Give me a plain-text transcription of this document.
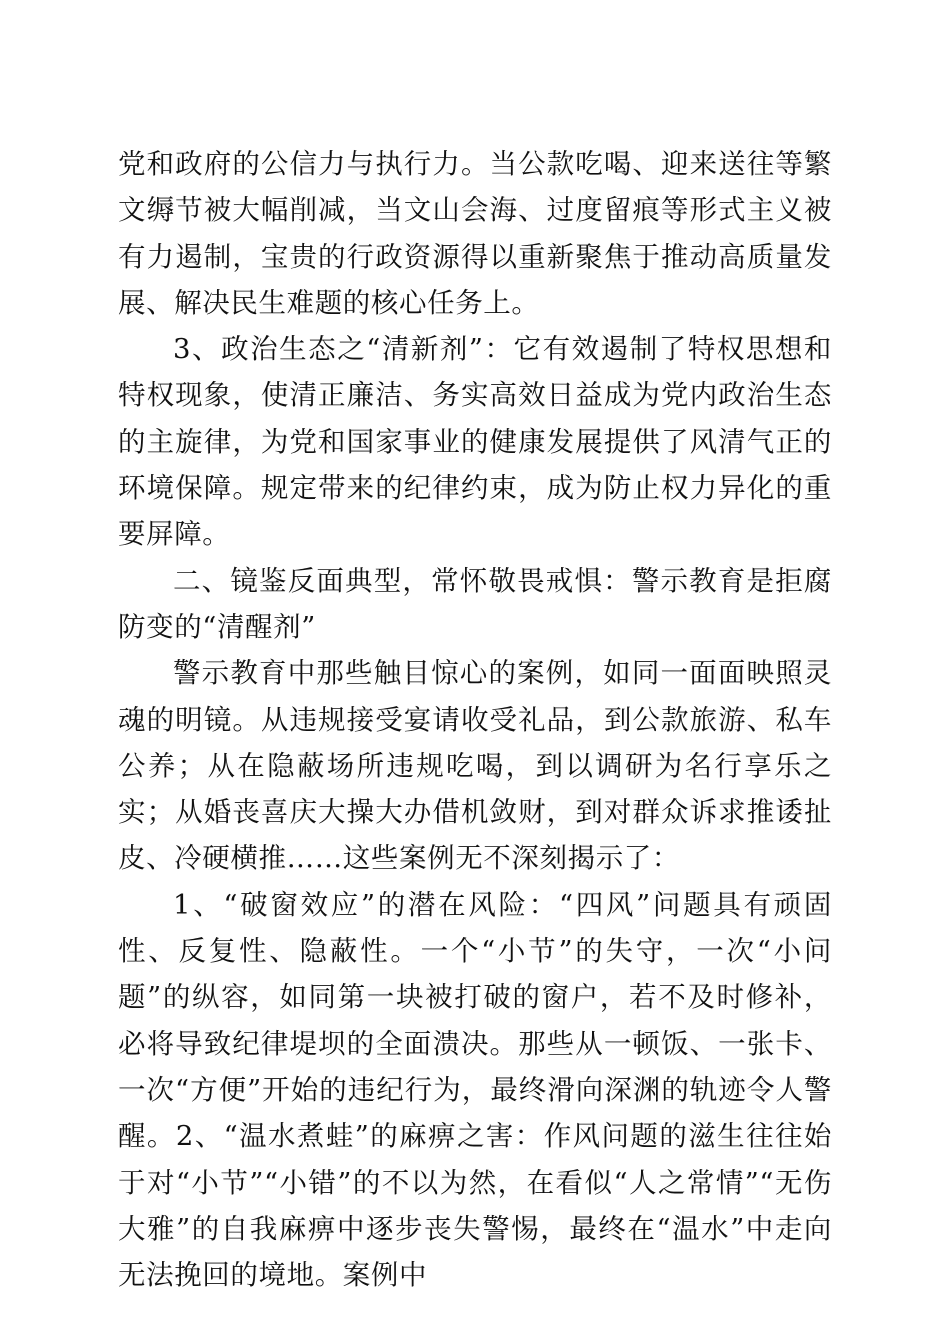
党和政府的公信力与执行力。当公款吃喝、迎来送往等繁文缛节被大幅削减，当文山会海、过度留痕等形式主义被有力遏制，宝贵的行政资源得以重新聚焦于推动高质量发展、解决民生难题的核心任务上。

3、政治生态之“清新剂”：它有效遏制了特权思想和特权现象，使清正廉洁、务实高效日益成为党内政治生态的主旋律，为党和国家事业的健康发展提供了风清气正的环境保障。规定带来的纪律约束，成为防止权力异化的重要屏障。

二、镜鉴反面典型，常怀敬畏戒惧：警示教育是拒腐防变的“清醒剂”

警示教育中那些触目惊心的案例，如同一面面映照灵魂的明镜。从违规接受宴请收受礼品，到公款旅游、私车公养；从在隐蔽场所违规吃喝，到以调研为名行享乐之实；从婚丧喜庆大操大办借机敛财，到对群众诉求推诿扯皮、冷硬横推……这些案例无不深刻揭示了：

1、“破窗效应”的潜在风险：“四风”问题具有顽固性、反复性、隐蔽性。一个“小节”的失守，一次“小问题”的纵容，如同第一块被打破的窗户，若不及时修补，必将导致纪律堤坝的全面溃决。那些从一顿饭、一张卡、一次“方便”开始的违纪行为，最终滑向深渊的轨迹令人警醒。2、“温水煮蛙”的麻痹之害：作风问题的滋生往往始于对“小节”“小错”的不以为然，在看似“人之常情”“无伤大雅”的自我麻痹中逐步丧失警惕，最终在“温水”中走向无法挽回的境地。案例中
